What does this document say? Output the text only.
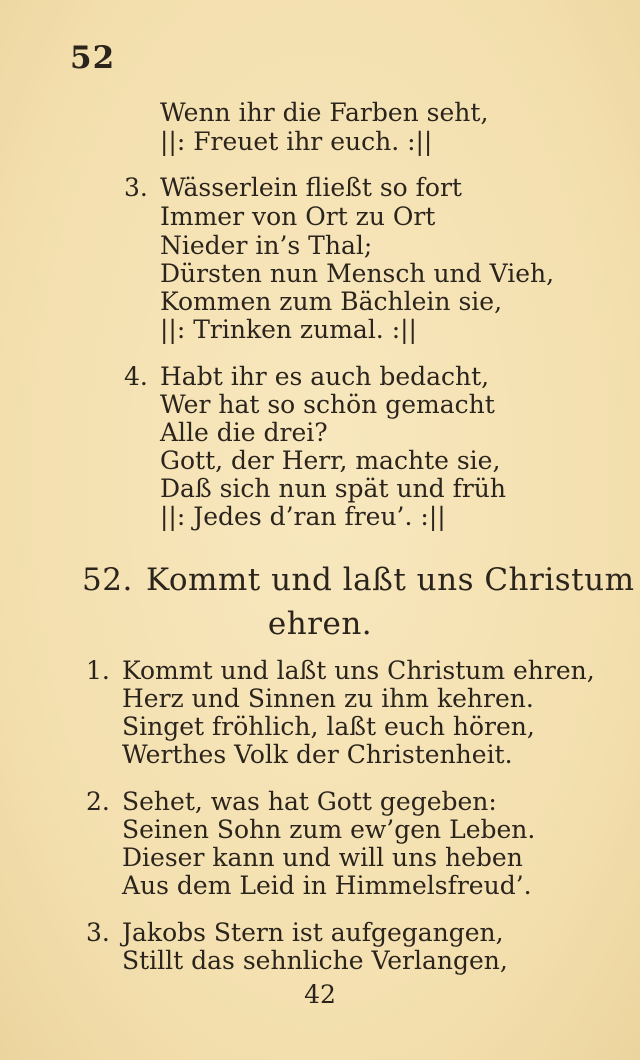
52
Wenn ihr die Farben seht,
||: Freuet ihr euch. :||
3. Wässerlein fließt so fort
Immer von Ort zu Ort
Nieder in’s Thal;
Dürsten nun Mensch und Vieh,
Kommen zum Bächlein sie,
||: Trinken zumal. :||
4. Habt ihr es auch bedacht,
Wer hat so schön gemacht
Alle die drei?
Gott, der Herr, machte sie,
Daß sich nun spät und früh
||: Jedes d’ran freu’. :||
52. Kommt und laßt uns Christum
ehren.
1. Kommt und laßt uns Christum ehren,
Herz und Sinnen zu ihm kehren.
Singet fröhlich, laßt euch hören,
Werthes Volk der Christenheit.
2. Sehet, was hat Gott gegeben:
Seinen Sohn zum ew’gen Leben.
Dieser kann und will uns heben
Aus dem Leid in Himmelsfreud’.
3. Jakobs Stern ist aufgegangen,
Stillt das sehnliche Verlangen,
42
